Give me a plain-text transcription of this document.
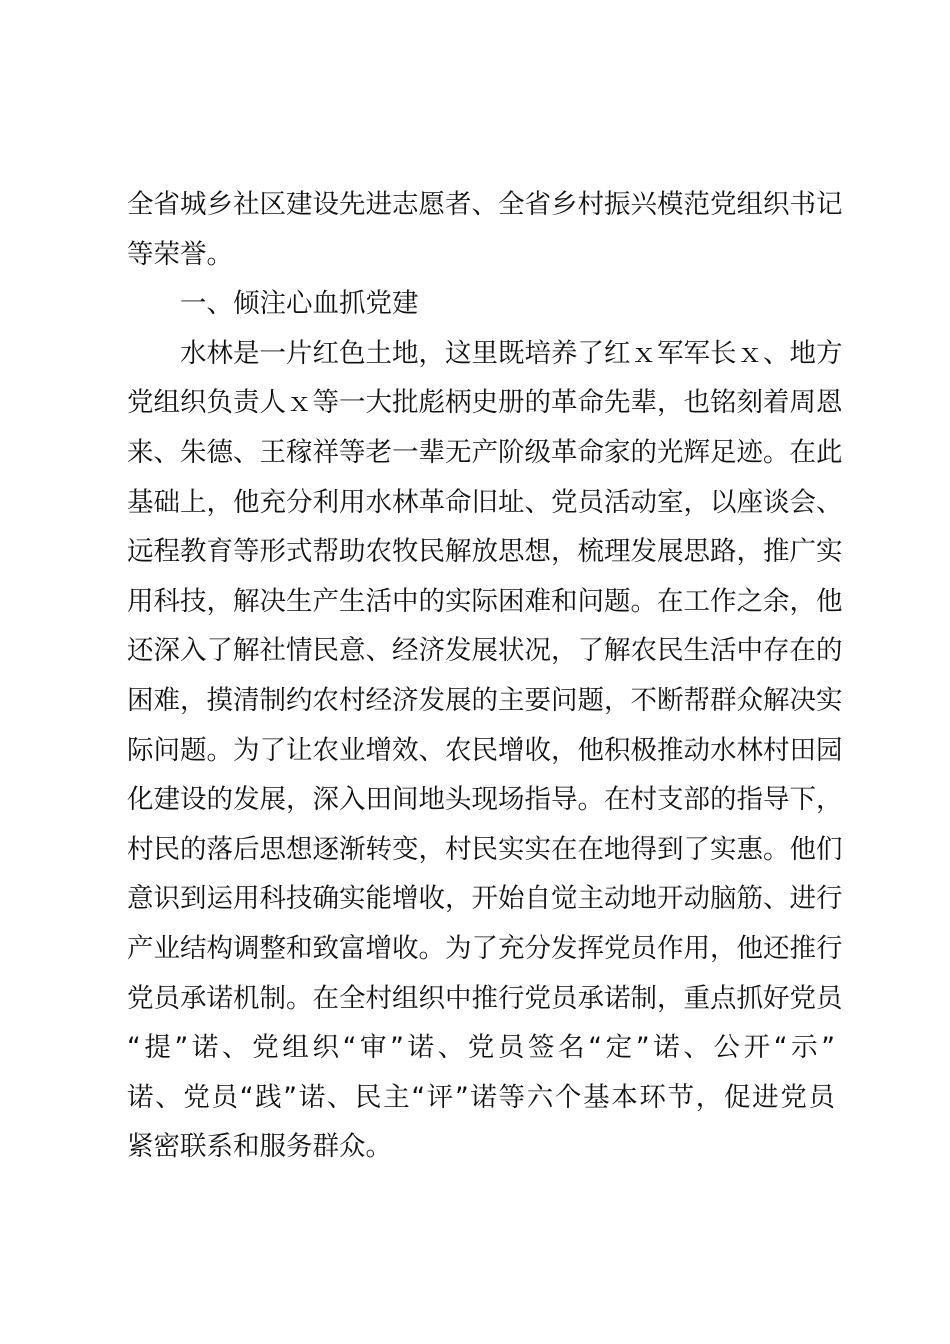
全省城乡社区建设先进志愿者、全省乡村振兴模范党组织书记
等荣誉。
一、倾注心血抓党建
水林是一片红色土地，这里既培养了红ｘ军军长ｘ、地方
党组织负责人ｘ等一大批彪柄史册的革命先辈，也铭刻着周恩
来、朱德、王稼祥等老一辈无产阶级革命家的光辉足迹。在此
基础上，他充分利用水林革命旧址、党员活动室，以座谈会、
远程教育等形式帮助农牧民解放思想，梳理发展思路，推广实
用科技，解决生产生活中的实际困难和问题。在工作之余，他
还深入了解社情民意、经济发展状况，了解农民生活中存在的
困难，摸清制约农村经济发展的主要问题，不断帮群众解决实
际问题。为了让农业增效、农民增收，他积极推动水林村田园
化建设的发展，深入田间地头现场指导。在村支部的指导下，
村民的落后思想逐渐转变，村民实实在在地得到了实惠。他们
意识到运用科技确实能增收，开始自觉主动地开动脑筋、进行
产业结构调整和致富增收。为了充分发挥党员作用，他还推行
党员承诺机制。在全村组织中推行党员承诺制，重点抓好党员
“提”诺、党组织“审”诺、党员签名“定”诺、公开“示”
诺、党员“践”诺、民主“评”诺等六个基本环节，促进党员
紧密联系和服务群众。
